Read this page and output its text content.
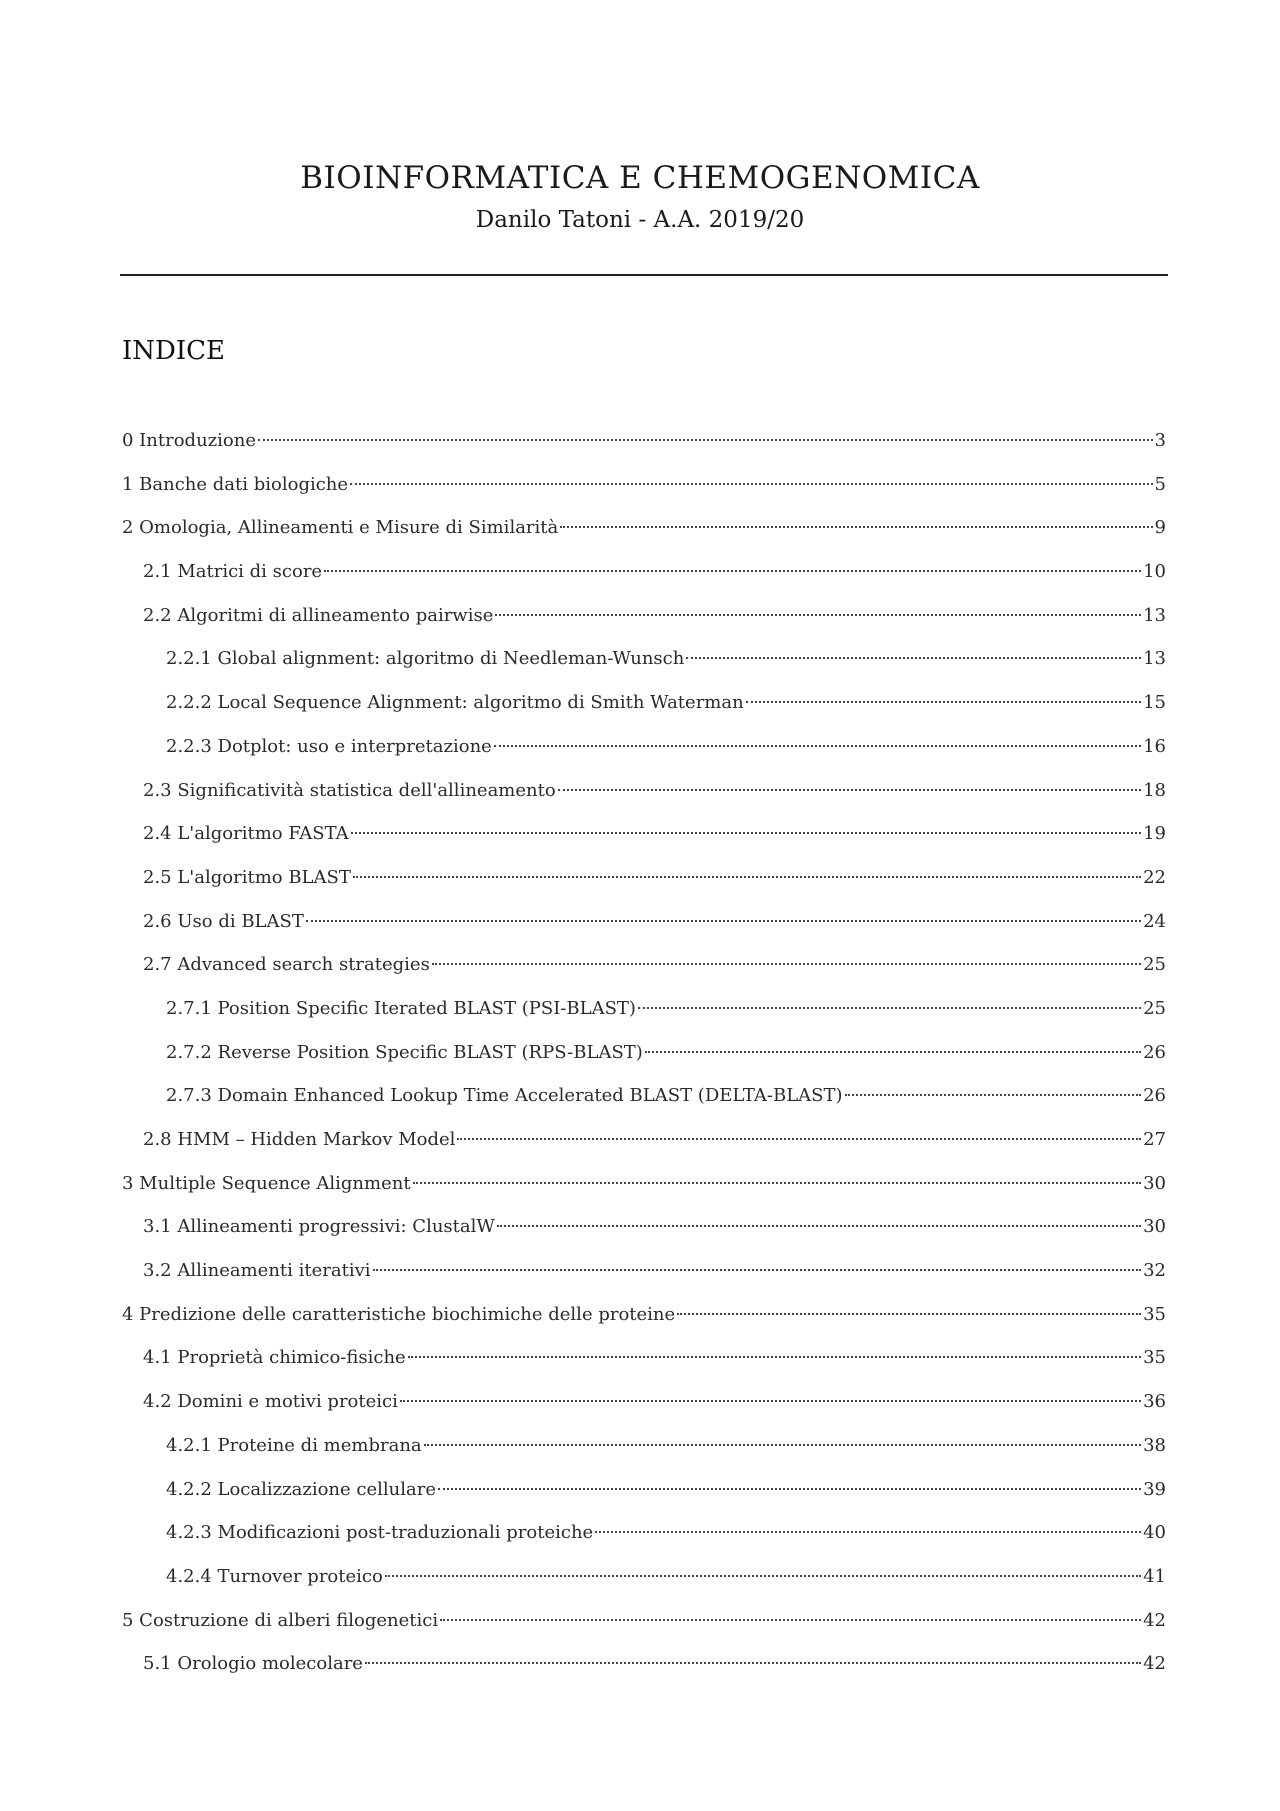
BIOINFORMATICA E CHEMOGENOMICA
Danilo Tatoni - A.A. 2019/20
INDICE
0 Introduzione	3
1 Banche dati biologiche	5
2 Omologia, Allineamenti e Misure di Similarità	9
2.1 Matrici di score	10
2.2 Algoritmi di allineamento pairwise	13
2.2.1 Global alignment: algoritmo di Needleman-Wunsch	13
2.2.2 Local Sequence Alignment: algoritmo di Smith Waterman	15
2.2.3 Dotplot: uso e interpretazione	16
2.3 Significatività statistica dell'allineamento	18
2.4 L'algoritmo FASTA	19
2.5 L'algoritmo BLAST	22
2.6 Uso di BLAST	24
2.7 Advanced search strategies	25
2.7.1 Position Specific Iterated BLAST (PSI-BLAST)	25
2.7.2 Reverse Position Specific BLAST (RPS-BLAST)	26
2.7.3 Domain Enhanced Lookup Time Accelerated BLAST (DELTA-BLAST)	26
2.8 HMM – Hidden Markov Model	27
3 Multiple Sequence Alignment	30
3.1 Allineamenti progressivi: ClustalW	30
3.2 Allineamenti iterativi	32
4 Predizione delle caratteristiche biochimiche delle proteine	35
4.1 Proprietà chimico-fisiche	35
4.2 Domini e motivi proteici	36
4.2.1 Proteine di membrana	38
4.2.2 Localizzazione cellulare	39
4.2.3 Modificazioni post-traduzionali proteiche	40
4.2.4 Turnover proteico	41
5 Costruzione di alberi filogenetici	42
5.1 Orologio molecolare	42
